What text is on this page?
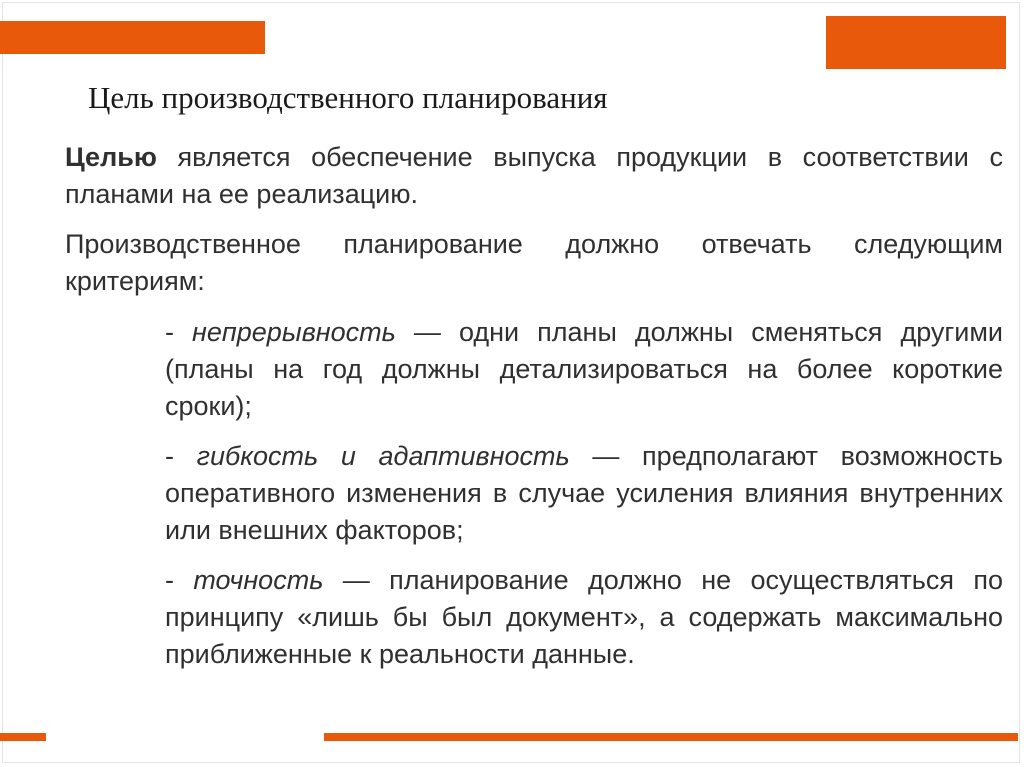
Цель производственного планирования

Целью является обеспечение выпуска продукции в соответствии с планами на ее реализацию.

Производственное планирование должно отвечать следующим критериям:

- непрерывность — одни планы должны сменяться другими (планы на год должны детализироваться на более короткие сроки);

- гибкость и адаптивность — предполагают возможность оперативного изменения в случае усиления влияния внутренних или внешних факторов;

- точность — планирование должно не осуществляться по принципу «лишь бы был документ», а содержать максимально приближенные к реальности данные.
